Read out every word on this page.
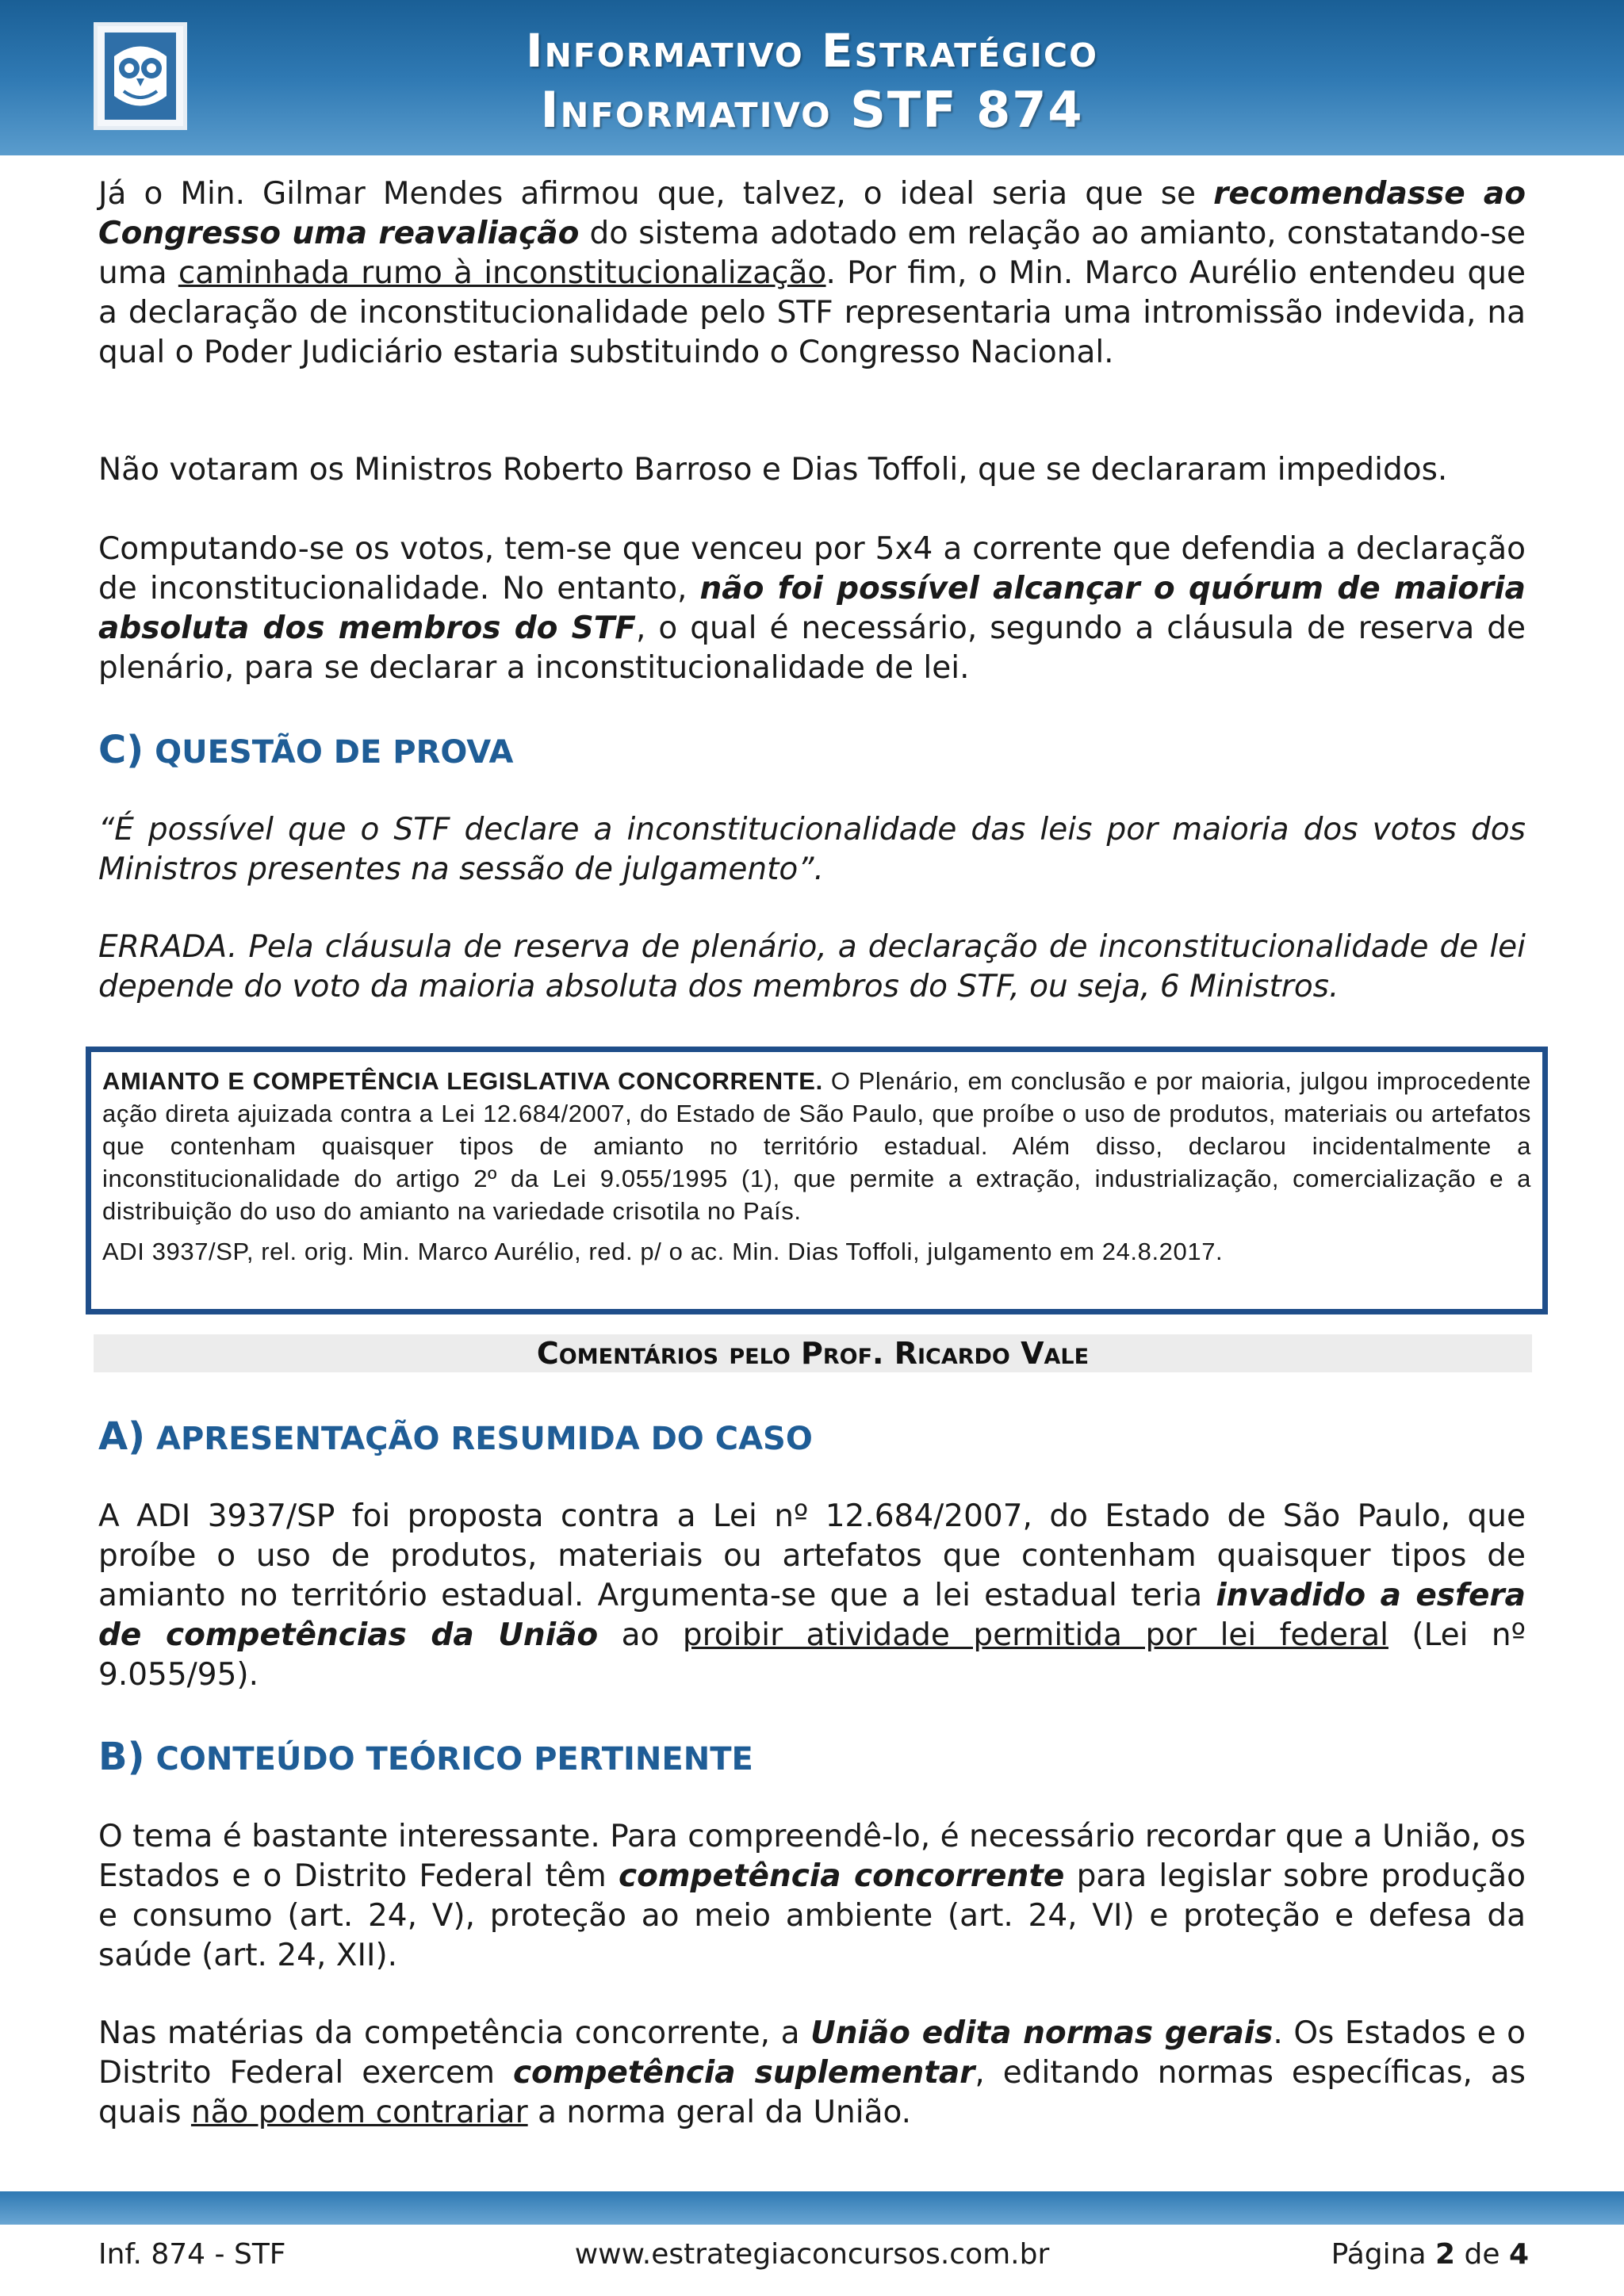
Informativo Estratégico
Informativo STF 874

Já o Min. Gilmar Mendes afirmou que, talvez, o ideal seria que se recomendasse ao Congresso uma reavaliação do sistema adotado em relação ao amianto, constatando-se uma caminhada rumo à inconstitucionalização. Por fim, o Min. Marco Aurélio entendeu que a declaração de inconstitucionalidade pelo STF representaria uma intromissão indevida, na qual o Poder Judiciário estaria substituindo o Congresso Nacional.

Não votaram os Ministros Roberto Barroso e Dias Toffoli, que se declararam impedidos.

Computando-se os votos, tem-se que venceu por 5x4 a corrente que defendia a declaração de inconstitucionalidade. No entanto, não foi possível alcançar o quórum de maioria absoluta dos membros do STF, o qual é necessário, segundo a cláusula de reserva de plenário, para se declarar a inconstitucionalidade de lei.

C) QUESTÃO DE PROVA

“É possível que o STF declare a inconstitucionalidade das leis por maioria dos votos dos Ministros presentes na sessão de julgamento”.

ERRADA. Pela cláusula de reserva de plenário, a declaração de inconstitucionalidade de lei depende do voto da maioria absoluta dos membros do STF, ou seja, 6 Ministros.

AMIANTO E COMPETÊNCIA LEGISLATIVA CONCORRENTE. O Plenário, em conclusão e por maioria, julgou improcedente ação direta ajuizada contra a Lei 12.684/2007, do Estado de São Paulo, que proíbe o uso de produtos, materiais ou artefatos que contenham quaisquer tipos de amianto no território estadual. Além disso, declarou incidentalmente a inconstitucionalidade do artigo 2º da Lei 9.055/1995 (1), que permite a extração, industrialização, comercialização e a distribuição do uso do amianto na variedade crisotila no País.

ADI 3937/SP, rel. orig. Min. Marco Aurélio, red. p/ o ac. Min. Dias Toffoli, julgamento em 24.8.2017.

Comentários pelo Prof. Ricardo Vale
A) APRESENTAÇÃO RESUMIDA DO CASO

A ADI 3937/SP foi proposta contra a Lei nº 12.684/2007, do Estado de São Paulo, que proíbe o uso de produtos, materiais ou artefatos que contenham quaisquer tipos de amianto no território estadual. Argumenta-se que a lei estadual teria invadido a esfera de competências da União ao proibir atividade permitida por lei federal (Lei nº 9.055/95).

B) CONTEÚDO TEÓRICO PERTINENTE

O tema é bastante interessante. Para compreendê-lo, é necessário recordar que a União, os Estados e o Distrito Federal têm competência concorrente para legislar sobre produção e consumo (art. 24, V), proteção ao meio ambiente (art. 24, VI) e proteção e defesa da saúde (art. 24, XII).

Nas matérias da competência concorrente, a União edita normas gerais. Os Estados e o Distrito Federal exercem competência suplementar, editando normas específicas, as quais não podem contrariar a norma geral da União.

Inf. 874 - STF	www.estrategiaconcursos.com.br	Página 2 de 4
